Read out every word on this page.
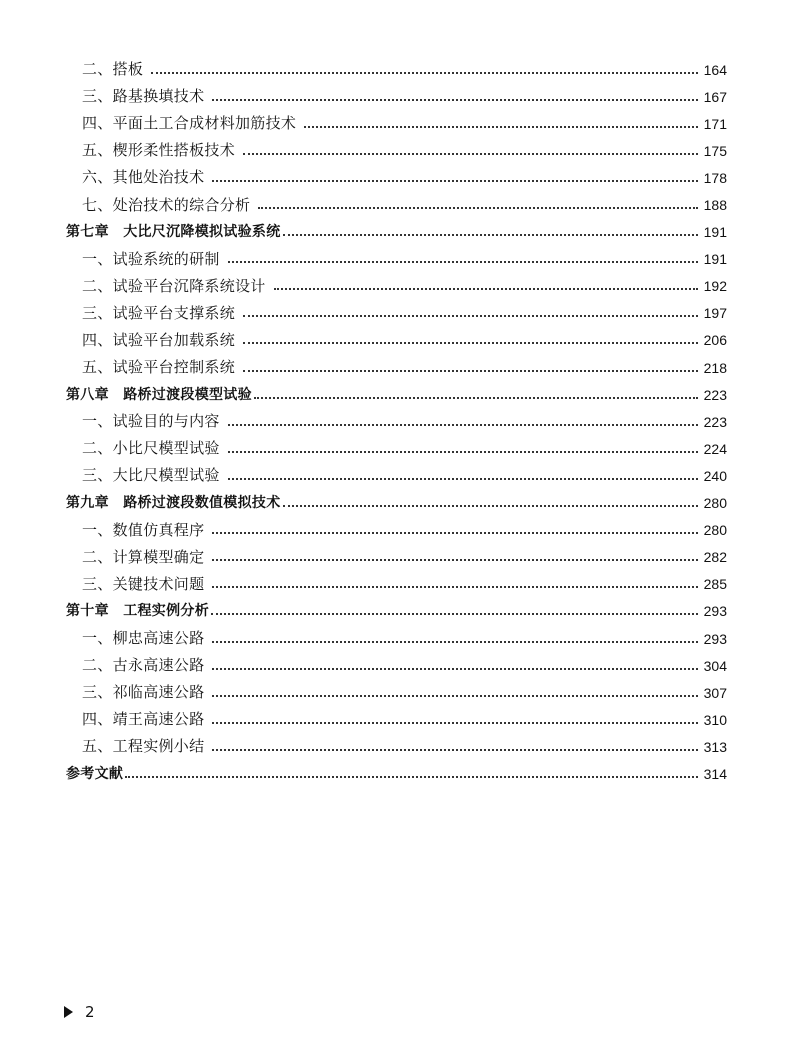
二、搭板	164
三、路基换填技术	167
四、平面土工合成材料加筋技术	171
五、楔形柔性搭板技术	175
六、其他处治技术	178
七、处治技术的综合分析	188
第七章　大比尺沉降模拟试验系统	191
一、试验系统的研制	191
二、试验平台沉降系统设计	192
三、试验平台支撑系统	197
四、试验平台加载系统	206
五、试验平台控制系统	218
第八章　路桥过渡段模型试验	223
一、试验目的与内容	223
二、小比尺模型试验	224
三、大比尺模型试验	240
第九章　路桥过渡段数值模拟技术	280
一、数值仿真程序	280
二、计算模型确定	282
三、关键技术问题	285
第十章　工程实例分析	293
一、柳忠高速公路	293
二、古永高速公路	304
三、祁临高速公路	307
四、靖王高速公路	310
五、工程实例小结	313
参考文献	314
2
